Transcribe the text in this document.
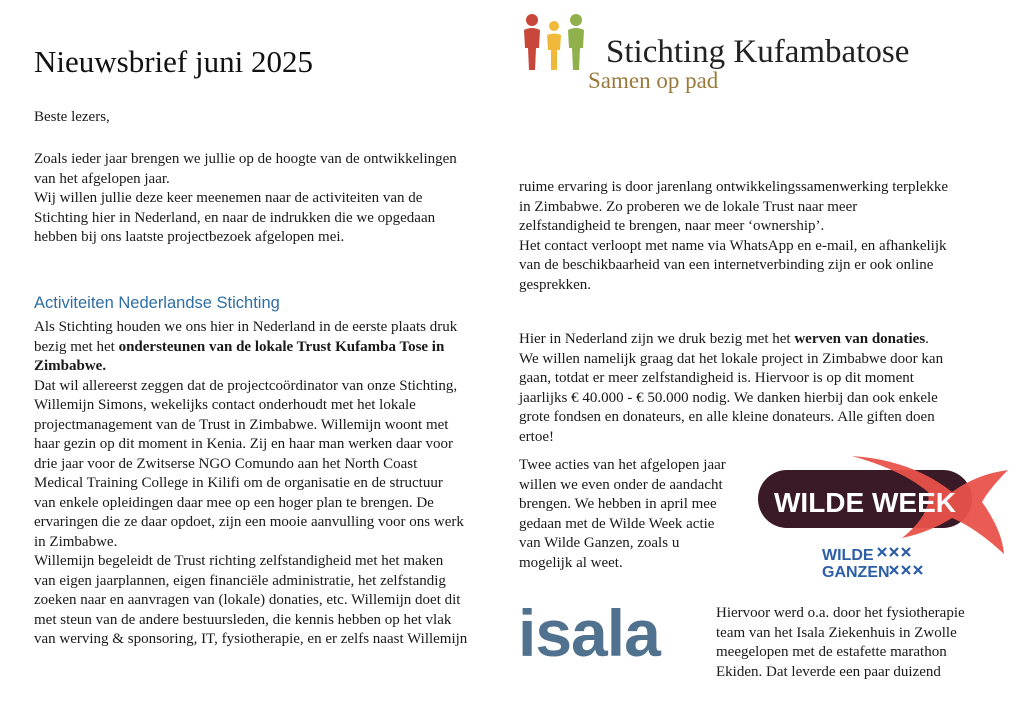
Nieuwsbrief juni 2025	Stichting Kufambatose
Samen op pad
Beste lezers,
Zoals ieder jaar brengen we jullie op de hoogte van de ontwikkelingen
van het afgelopen jaar.
Wij willen jullie deze keer meenemen naar de activiteiten van de
Stichting hier in Nederland, en naar de indrukken die we opgedaan
hebben bij ons laatste projectbezoek afgelopen mei.
Activiteiten Nederlandse Stichting
Als Stichting houden we ons hier in Nederland in de eerste plaats druk
bezig met het ondersteunen van de lokale Trust Kufamba Tose in
Zimbabwe.
Dat wil allereerst zeggen dat de projectcoördinator van onze Stichting,
Willemijn Simons, wekelijks contact onderhoudt met het lokale
projectmanagement van de Trust in Zimbabwe. Willemijn woont met
haar gezin op dit moment in Kenia. Zij en haar man werken daar voor
drie jaar voor de Zwitserse NGO Comundo aan het North Coast
Medical Training College in Kilifi om de organisatie en de structuur
van enkele opleidingen daar mee op een hoger plan te brengen. De
ervaringen die ze daar opdoet, zijn een mooie aanvulling voor ons werk
in Zimbabwe.
Willemijn begeleidt de Trust richting zelfstandigheid met het maken
van eigen jaarplannen, eigen financiële administratie, het zelfstandig
zoeken naar en aanvragen van (lokale) donaties, etc. Willemijn doet dit
met steun van de andere bestuursleden, die kennis hebben op het vlak
van werving & sponsoring, IT, fysiotherapie, en er zelfs naast Willemijn
ruime ervaring is door jarenlang ontwikkelingssamenwerking terplekke
in Zimbabwe. Zo proberen we de lokale Trust naar meer
zelfstandigheid te brengen, naar meer ‘ownership’.
Het contact verloopt met name via WhatsApp en e-mail, en afhankelijk
van de beschikbaarheid van een internetverbinding zijn er ook online
gesprekken.
Hier in Nederland zijn we druk bezig met het werven van donaties.
We willen namelijk graag dat het lokale project in Zimbabwe door kan
gaan, totdat er meer zelfstandigheid is. Hiervoor is op dit moment
jaarlijks € 40.000 - € 50.000 nodig. We danken hierbij dan ook enkele
grote fondsen en donateurs, en alle kleine donateurs. Alle giften doen
ertoe!
Twee acties van het afgelopen jaar
willen we even onder de aandacht
brengen. We hebben in april mee
gedaan met de Wilde Week actie
van Wilde Ganzen, zoals u
mogelijk al weet.
WILDE WEEK
WILDE
GANZEN
isala	Hiervoor werd o.a. door het fysiotherapie
team van het Isala Ziekenhuis in Zwolle
meegelopen met de estafette marathon
Ekiden. Dat leverde een paar duizend
